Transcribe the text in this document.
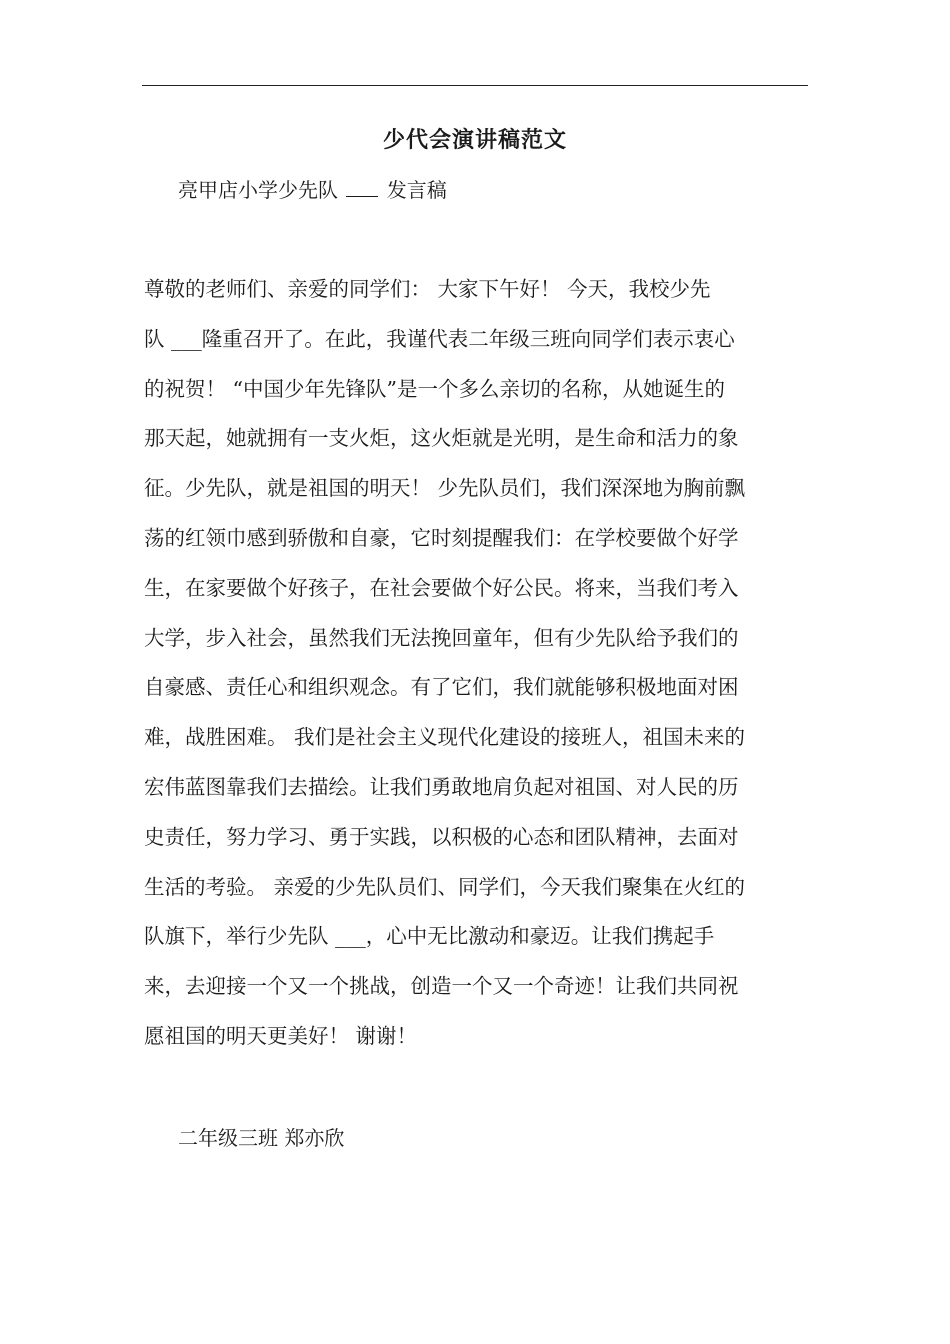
少代会演讲稿范文
亮甲店小学少先队 发言稿
尊敬的老师们、亲爱的同学们： 大家下午好！ 今天，我校少先
队 ___隆重召开了。在此，我谨代表二年级三班向同学们表示衷心
的祝贺！ “中国少年先锋队”是一个多么亲切的名称，从她诞生的
那天起，她就拥有一支火炬，这火炬就是光明，是生命和活力的象
征。少先队，就是祖国的明天！ 少先队员们，我们深深地为胸前飘
荡的红领巾感到骄傲和自豪，它时刻提醒我们：在学校要做个好学
生，在家要做个好孩子，在社会要做个好公民。将来，当我们考入
大学，步入社会，虽然我们无法挽回童年，但有少先队给予我们的
自豪感、责任心和组织观念。有了它们，我们就能够积极地面对困
难，战胜困难。 我们是社会主义现代化建设的接班人，祖国未来的
宏伟蓝图靠我们去描绘。让我们勇敢地肩负起对祖国、对人民的历
史责任，努力学习、勇于实践，以积极的心态和团队精神，去面对
生活的考验。 亲爱的少先队员们、同学们，今天我们聚集在火红的
队旗下，举行少先队 ___，心中无比激动和豪迈。让我们携起手
来，去迎接一个又一个挑战，创造一个又一个奇迹！让我们共同祝
愿祖国的明天更美好！ 谢谢！
二年级三班 郑亦欣
